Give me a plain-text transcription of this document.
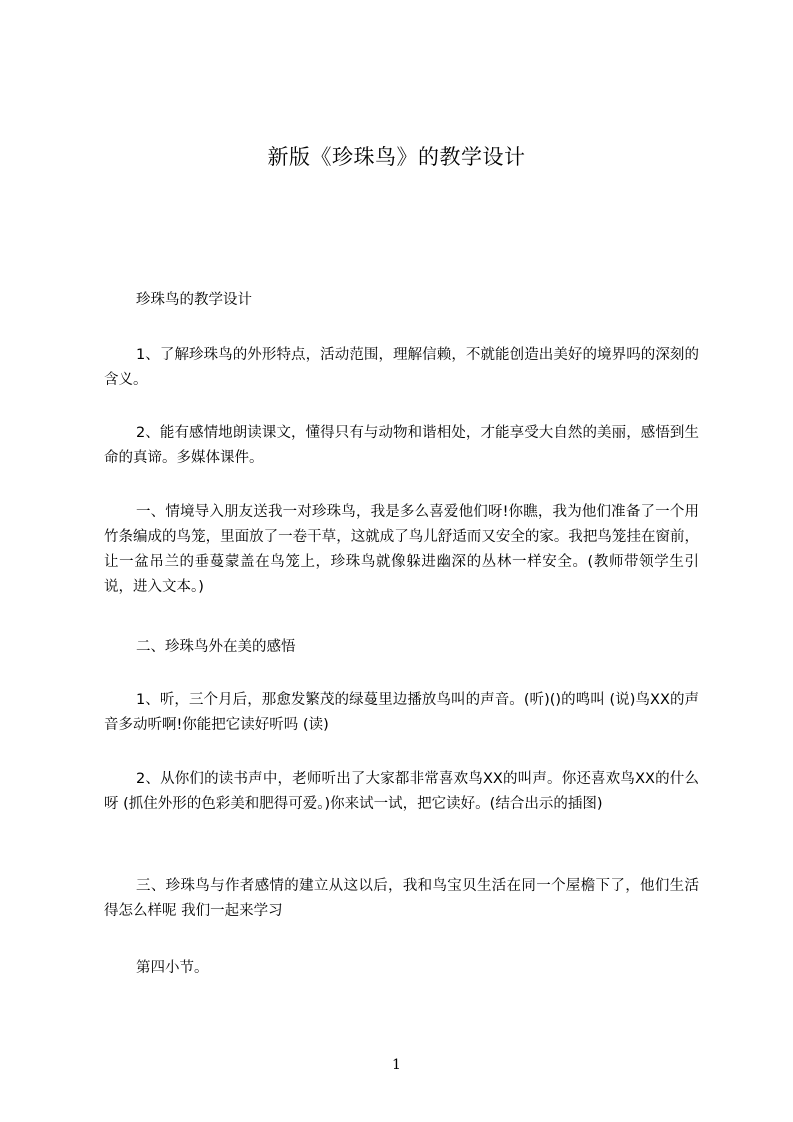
新版《珍珠鸟》的教学设计

珍珠鸟的教学设计

1、了解珍珠鸟的外形特点，活动范围，理解信赖，不就能创造出美好的境界吗的深刻的含义。

2、能有感情地朗读课文，懂得只有与动物和谐相处，才能享受大自然的美丽，感悟到生命的真谛。多媒体课件。

一、情境导入朋友送我一对珍珠鸟，我是多么喜爱他们呀!你瞧，我为他们准备了一个用竹条编成的鸟笼，里面放了一卷干草，这就成了鸟儿舒适而又安全的家。我把鸟笼挂在窗前，让一盆吊兰的垂蔓蒙盖在鸟笼上，珍珠鸟就像躲进幽深的丛林一样安全。(教师带领学生引说，进入文本。)

二、珍珠鸟外在美的感悟

1、听，三个月后，那愈发繁茂的绿蔓里边播放鸟叫的声音。(听)()的鸣叫 (说)鸟XX的声音多动听啊!你能把它读好听吗 (读)

2、从你们的读书声中，老师听出了大家都非常喜欢鸟XX的叫声。你还喜欢鸟XX的什么呀 (抓住外形的色彩美和肥得可爱。)你来试一试，把它读好。(结合出示的插图)

三、珍珠鸟与作者感情的建立从这以后，我和鸟宝贝生活在同一个屋檐下了，他们生活得怎么样呢 我们一起来学习

第四小节。

1
